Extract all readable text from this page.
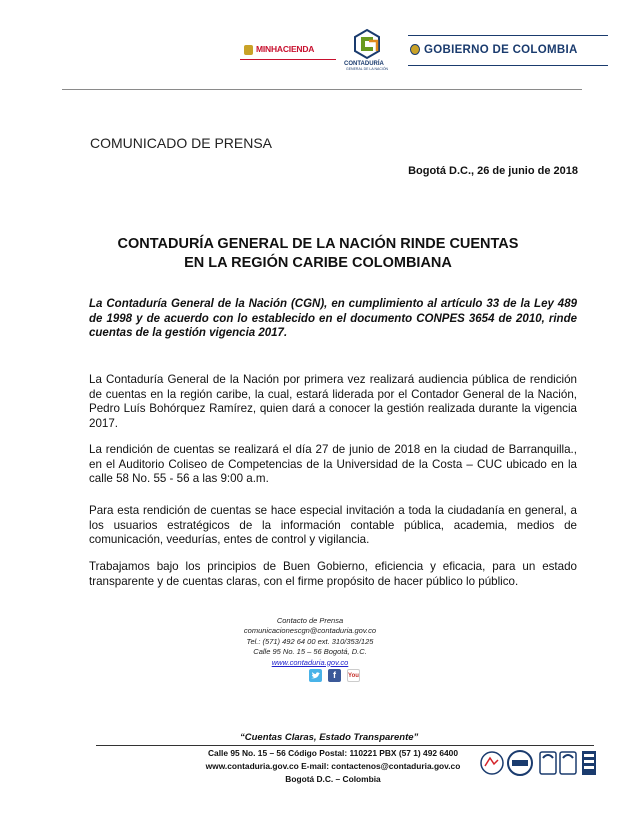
MINHACIENDA
CONTADURÍA
GENERAL DE LA NACIÓN
GOBIERNO DE COLOMBIA
COMUNICADO DE PRENSA
Bogotá D.C., 26 de junio de 2018
CONTADURÍA GENERAL DE LA NACIÓN RINDE CUENTAS
EN LA REGIÓN CARIBE COLOMBIANA
La Contaduría General de la Nación (CGN), en cumplimiento al artículo 33 de la Ley 489 de 1998 y de acuerdo con lo establecido en el documento CONPES 3654 de 2010, rinde cuentas de la gestión vigencia 2017.
La Contaduría General de la Nación por primera vez realizará audiencia pública de rendición de cuentas en la región caribe, la cual, estará liderada por el Contador General de la Nación, Pedro Luís Bohórquez Ramírez, quien dará a conocer la gestión realizada durante la vigencia 2017.
La rendición de cuentas se realizará el día 27 de junio de 2018 en la ciudad de Barranquilla., en el Auditorio Coliseo de Competencias de la Universidad de la Costa – CUC ubicado en la calle 58 No. 55 - 56 a las 9:00 a.m.
Para esta rendición de cuentas se hace especial invitación a toda la ciudadanía en general, a los usuarios estratégicos de la información contable pública, academia, medios de comunicación, veedurías, entes de control y vigilancia.
Trabajamos bajo los principios de Buen Gobierno, eficiencia y eficacia, para un estado transparente y de cuentas claras, con el firme propósito de hacer público lo público.
Contacto de Prensa
comunicacionescgn@contaduria.gov.co
Tel.: (571) 492 64 00 ext. 310/353/125
Calle 95 No. 15 – 56 Bogotá, D.C.
www.contaduria.gov.co
f You
“Cuentas Claras, Estado Transparente”
Calle 95 No. 15 – 56 Código Postal: 110221 PBX (57 1) 492 6400
www.contaduria.gov.co E-mail: contactenos@contaduria.gov.co
Bogotá D.C. – Colombia
